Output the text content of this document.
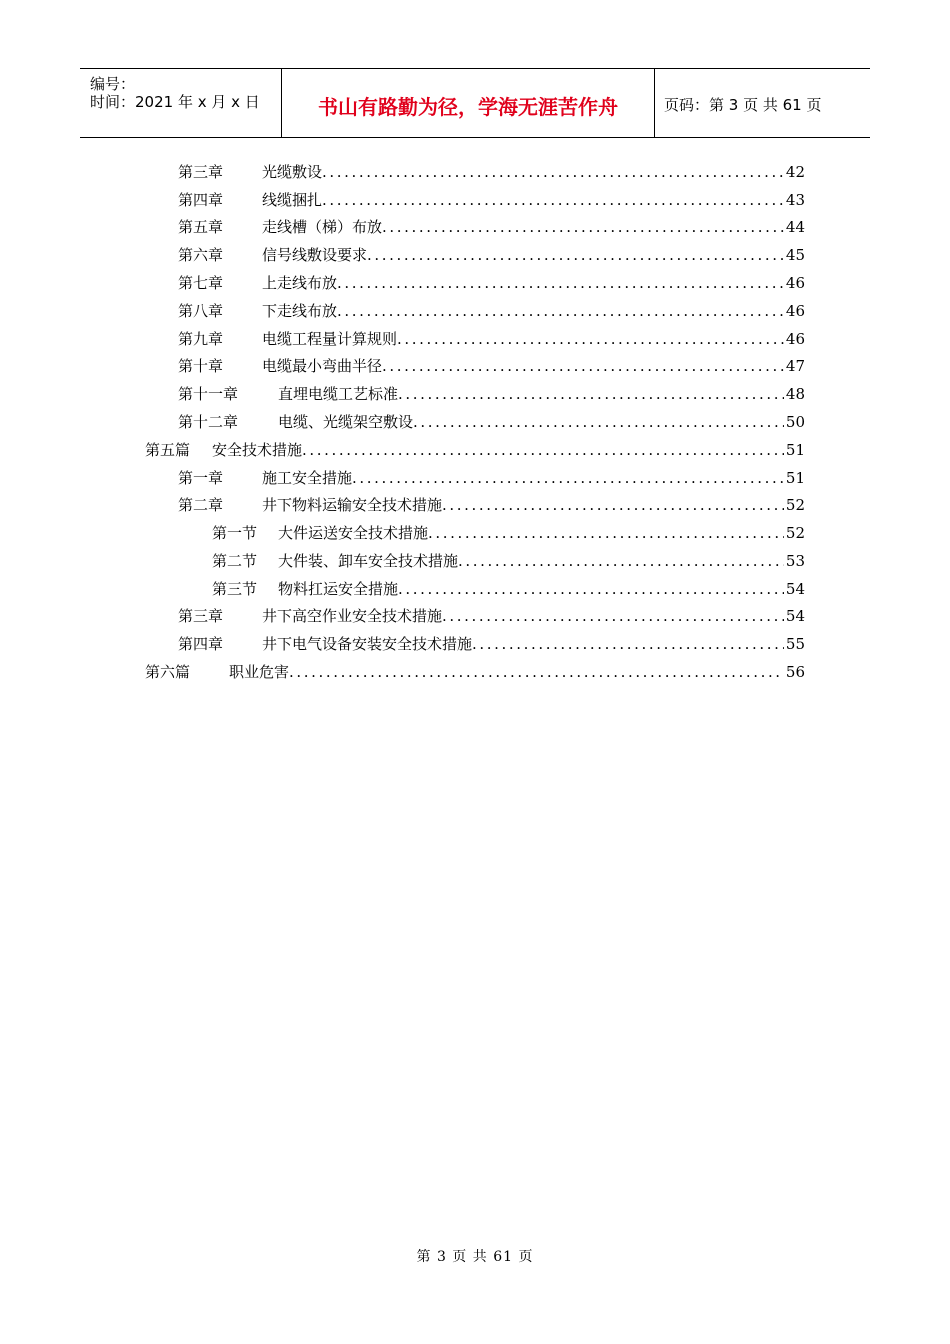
编号：
时间：2021 年 x 月 x 日	书山有路勤为径，学海无涯苦作舟	页码：第 3 页 共 61 页
第三章	光缆敷设 .....	42
第四章	线缆捆扎 .....	43
第五章	走线槽（梯）布放 .....	44
第六章	信号线敷设要求 .....	45
第七章	上走线布放 .....	46
第八章	下走线布放 .....	46
第九章	电缆工程量计算规则 .....	46
第十章	电缆最小弯曲半径 .....	47
第十一章	直埋电缆工艺标准 .....	48
第十二章	电缆、光缆架空敷设 .....	50
第五篇	安全技术措施 .....	51
第一章	施工安全措施 .....	51
第二章	井下物料运输安全技术措施 .....	52
第一节	大件运送安全技术措施 .....	52
第二节	大件装、卸车安全技术措施 .....	53
第三节	物料扛运安全措施 .....	54
第三章	井下高空作业安全技术措施 .....	54
第四章	井下电气设备安装安全技术措施 .....	55
第六篇	职业危害 .....	56
第 3 页 共 61 页
